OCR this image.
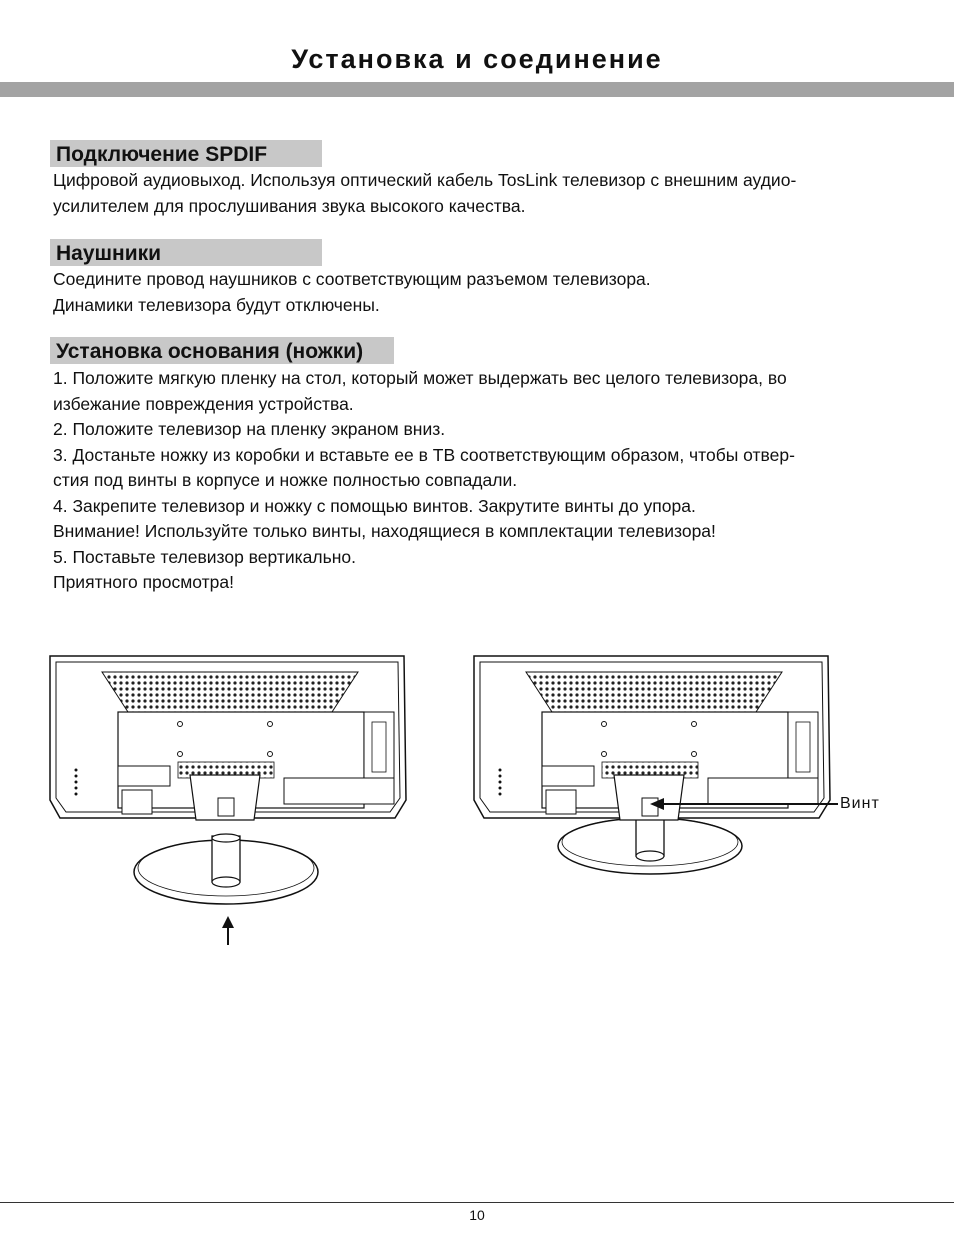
Установка и соединение
Подключение SPDIF
Цифровой аудиовыход. Используя оптический кабель TosLink телевизор с внешним аудио-
усилителем для прослушивания звука высокого качества.
Наушники
Соедините провод наушников с соответствующим разъемом телевизора.
Динамики телевизора будут отключены.
Установка основания (ножки)
1. Положите мягкую пленку на стол, который может выдержать вес целого телевизора, во
избежание повреждения устройства.
2. Положите телевизор на пленку экраном вниз.
3. Достаньте ножку из коробки и вставьте ее в ТВ соответствующим образом, чтобы отвер-
стия под винты в корпусе и ножке полностью совпадали.
4. Закрепите телевизор и ножку с помощью винтов. Закрутите винты до упора.
Внимание! Используйте только винты, находящиеся в комплектации телевизора!
5. Поставьте телевизор вертикально.
Приятного просмотра!
Винт
10
